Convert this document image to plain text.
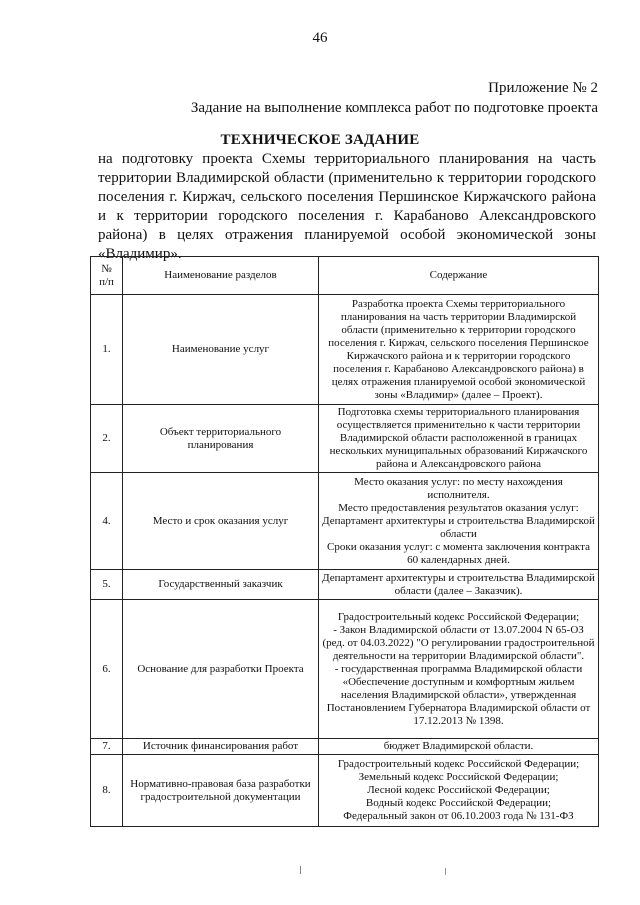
46
Приложение № 2
Задание на выполнение комплекса работ по подготовке проекта
ТЕХНИЧЕСКОЕ ЗАДАНИЕ
на подготовку проекта Схемы территориального планирования на часть территории Владимирской области (применительно к территории городского поселения г. Киржач, сельского поселения Першинское Киржачского района и к территории городского поселения г. Карабаново Александровского района) в целях отражения планируемой особой экономической зоны «Владимир».
№
п/п	Наименование разделов	Содержание
1.	Наименование услуг	Разработка проекта Схемы территориального планирования на часть территории Владимирской области (применительно к территории городского поселения г. Киржач, сельского поселения Першинское Киржачского района и к территории городского поселения г. Карабаново Александровского района) в целях отражения планируемой особой экономической зоны «Владимир» (далее – Проект).

2.	Объект территориального планирования	Подготовка схемы территориального планирования осуществляется применительно к части территории Владимирской области расположенной в границах нескольких муниципальных образований Киржачского района и Александровского района

4.	Место и срок оказания услуг	Место оказания услуг: по месту нахождения исполнителя.
Место предоставления результатов оказания услуг: Департамент архитектуры и строительства Владимирской области
Сроки оказания услуг: с момента заключения контракта 60 календарных дней.

5.	Государственный заказчик	Департамент архитектуры и строительства Владимирской области (далее – Заказчик).

6.	Основание для разработки Проекта	Градостроительный кодекс Российской Федерации;
- Закон Владимирской области от 13.07.2004 N 65-ОЗ (ред. от 04.03.2022) "О регулировании градостроительной деятельности на территории Владимирской области".
- государственная программа Владимирской области «Обеспечение доступным и комфортным жильем населения Владимирской области», утвержденная Постановлением Губернатора Владимирской области от 17.12.2013 № 1398.

7.	Источник финансирования работ	бюджет Владимирской области.

8.	Нормативно-правовая база разработки градостроительной документации	Градостроительный кодекс Российской Федерации;
Земельный кодекс Российской Федерации;
Лесной кодекс Российской Федерации;
Водный кодекс Российской Федерации;
Федеральный закон от 06.10.2003 года № 131-ФЗ
